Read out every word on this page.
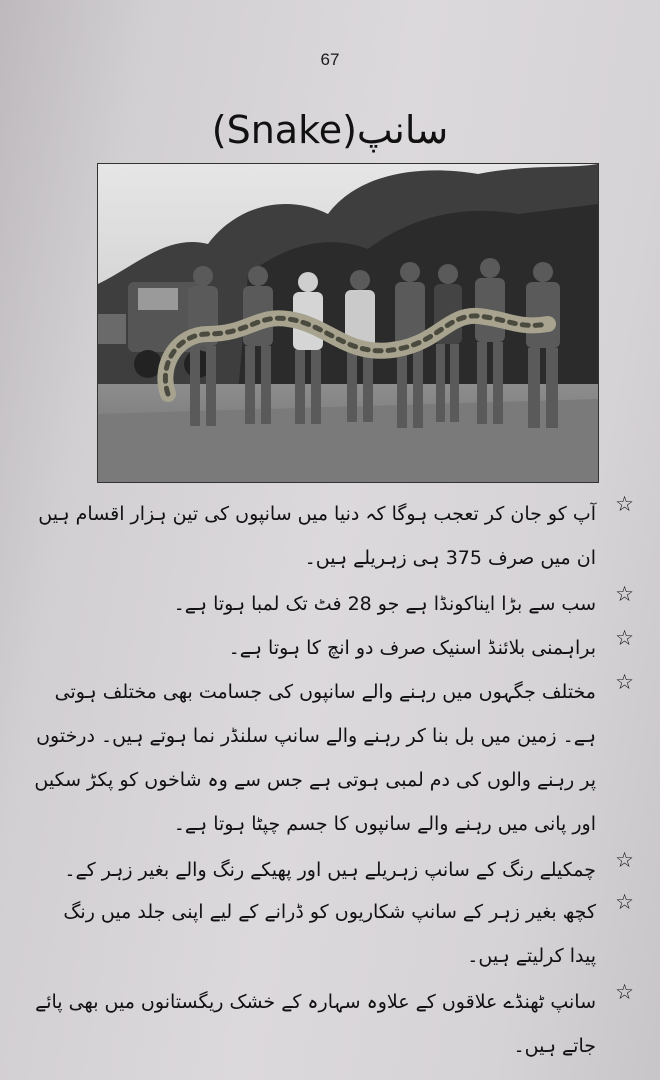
67
سانپ(Snake)
☆
آپ کو جان کر تعجب ہوگا کہ دنیا میں سانپوں کی تین ہزار اقسام ہیں ان میں صرف 375 ہی زہریلے ہیں۔
☆
سب سے بڑا ایناکونڈا ہے جو 28 فٹ تک لمبا ہوتا ہے۔
☆
براہمنی بلائنڈ اسنیک صرف دو انچ کا ہوتا ہے۔
☆
مختلف جگہوں میں رہنے والے سانپوں کی جسامت بھی مختلف ہوتی ہے۔ زمین میں بل بنا کر رہنے والے سانپ سلنڈر نما ہوتے ہیں۔ درختوں پر رہنے والوں کی دم لمبی ہوتی ہے جس سے وہ شاخوں کو پکڑ سکیں اور پانی میں رہنے والے سانپوں کا جسم چپٹا ہوتا ہے۔
☆
چمکیلے رنگ کے سانپ زہریلے ہیں اور پھیکے رنگ والے بغیر زہر کے۔
☆
کچھ بغیر زہر کے سانپ شکاریوں کو ڈرانے کے لیے اپنی جلد میں رنگ پیدا کرلیتے ہیں۔
☆
سانپ ٹھنڈے علاقوں کے علاوہ سہارہ کے خشک ریگستانوں میں بھی پائے جاتے ہیں۔
